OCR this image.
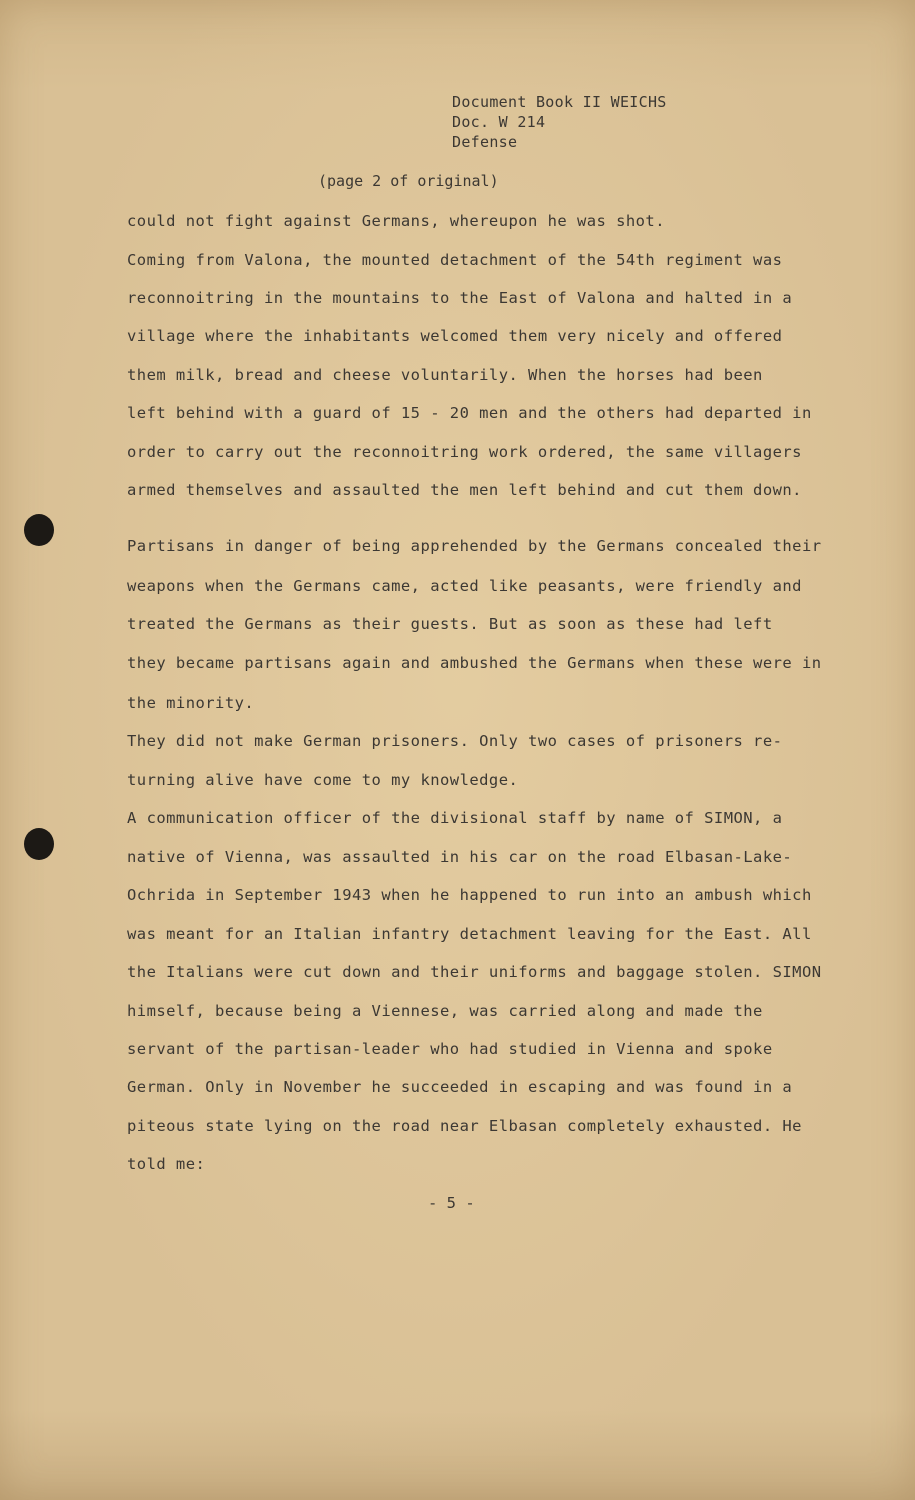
Document Book II WEICHS
Doc. W 214
Defense
(page 2 of original)
could not fight against Germans, whereupon he was shot.
Coming from Valona, the mounted detachment of the 54th regiment was
reconnoitring in the mountains to the East of Valona and halted in a
village where the inhabitants welcomed them very nicely and offered
them milk, bread and cheese voluntarily. When the horses had been
left behind with a guard of 15 - 20 men and the others had departed in
order to carry out the reconnoitring work ordered, the same villagers
armed themselves and assaulted the men left behind and cut them down.
Partisans in danger of being apprehended by the Germans concealed their
weapons when the Germans came, acted like peasants, were friendly and
treated the Germans as their guests. But as soon as these had left
they became partisans again and ambushed the Germans when these were in
the minority.
They did not make German prisoners. Only two cases of prisoners re-
turning alive have come to my knowledge.
A communication officer of the divisional staff by name of SIMON, a
native of Vienna, was assaulted in his car on the road Elbasan-Lake-
Ochrida in September 1943 when he happened to run into an ambush which
was meant for an Italian infantry detachment leaving for the East. All
the Italians were cut down and their uniforms and baggage stolen. SIMON
himself, because being a Viennese, was carried along and made the
servant of the partisan-leader who had studied in Vienna and spoke
German. Only in November he succeeded in escaping and was found in a
piteous state lying on the road near Elbasan completely exhausted. He
told me:
- 5 -
